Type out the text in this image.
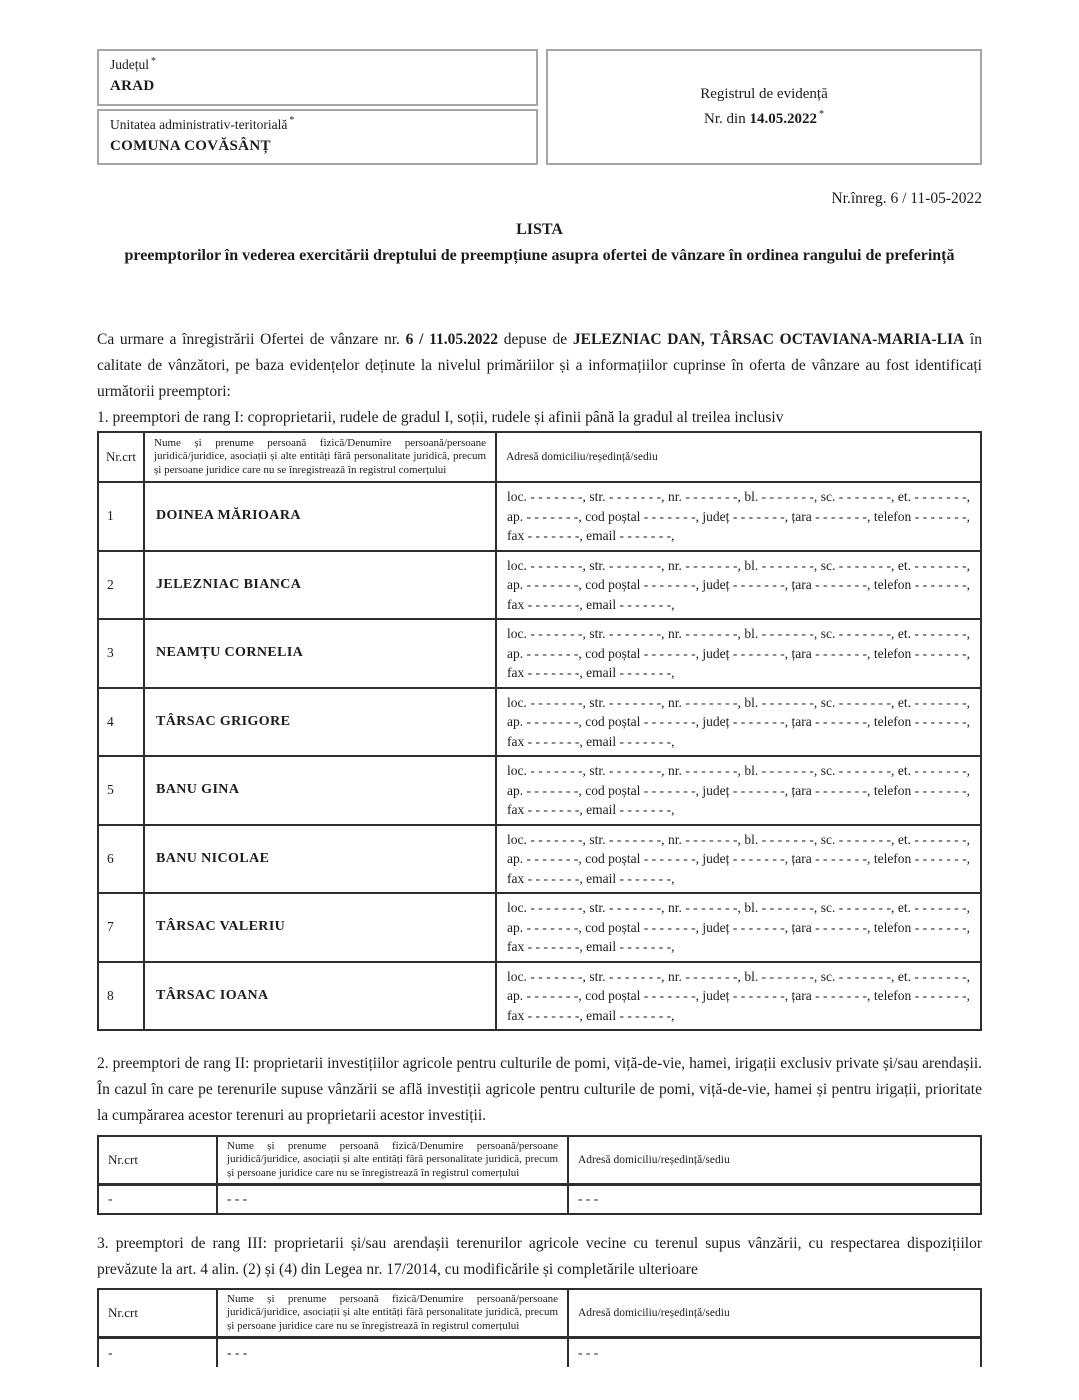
Județul *
ARAD
Unitatea administrativ-teritorială *
COMUNA COVĂSÂNȚ
Registrul de evidență
Nr. din 14.05.2022 *
Nr.înreg. 6 / 11-05-2022
LISTA
preemptorilor în vederea exercitării dreptului de preempțiune asupra ofertei de vânzare în ordinea rangului de preferință

Ca urmare a înregistrării Ofertei de vânzare nr. 6 / 11.05.2022 depuse de JELEZNIAC DAN, TÂRSAC OCTAVIANA-MARIA-LIA în calitate de vânzători, pe baza evidențelor deținute la nivelul primăriilor și a informațiilor cuprinse în oferta de vânzare au fost identificați următorii preemptori:

1. preemptori de rang I: coproprietarii, rudele de gradul I, soții, rudele și afinii până la gradul al treilea inclusiv

Nr.crt	Nume și prenume persoană fizică/Denumire persoană/persoane juridică/juridice, asociații și alte entități fără personalitate juridică, precum și persoane juridice care nu se înregistrează în registrul comerțului	Adresă domiciliu/reședință/sediu
1	DOINEA MĂRIOARA	loc. - - - - - - -, str. - - - - - - -, nr. - - - - - - -, bl. - - - - - - -, sc. - - - - - - -, et. - - - - - - -, ap. - - - - - - -, cod poștal - - - - - - -, județ - - - - - - -, țara - - - - - - -, telefon - - - - - - -, fax - - - - - - -, email - - - - - - -,
2	JELEZNIAC BIANCA	loc. - - - - - - -, str. - - - - - - -, nr. - - - - - - -, bl. - - - - - - -, sc. - - - - - - -, et. - - - - - - -, ap. - - - - - - -, cod poștal - - - - - - -, județ - - - - - - -, țara - - - - - - -, telefon - - - - - - -, fax - - - - - - -, email - - - - - - -,
3	NEAMȚU CORNELIA	loc. - - - - - - -, str. - - - - - - -, nr. - - - - - - -, bl. - - - - - - -, sc. - - - - - - -, et. - - - - - - -, ap. - - - - - - -, cod poștal - - - - - - -, județ - - - - - - -, țara - - - - - - -, telefon - - - - - - -, fax - - - - - - -, email - - - - - - -,
4	TÂRSAC GRIGORE	loc. - - - - - - -, str. - - - - - - -, nr. - - - - - - -, bl. - - - - - - -, sc. - - - - - - -, et. - - - - - - -, ap. - - - - - - -, cod poștal - - - - - - -, județ - - - - - - -, țara - - - - - - -, telefon - - - - - - -, fax - - - - - - -, email - - - - - - -,
5	BANU GINA	loc. - - - - - - -, str. - - - - - - -, nr. - - - - - - -, bl. - - - - - - -, sc. - - - - - - -, et. - - - - - - -, ap. - - - - - - -, cod poștal - - - - - - -, județ - - - - - - -, țara - - - - - - -, telefon - - - - - - -, fax - - - - - - -, email - - - - - - -,
6	BANU NICOLAE	loc. - - - - - - -, str. - - - - - - -, nr. - - - - - - -, bl. - - - - - - -, sc. - - - - - - -, et. - - - - - - -, ap. - - - - - - -, cod poștal - - - - - - -, județ - - - - - - -, țara - - - - - - -, telefon - - - - - - -, fax - - - - - - -, email - - - - - - -,
7	TÂRSAC VALERIU	loc. - - - - - - -, str. - - - - - - -, nr. - - - - - - -, bl. - - - - - - -, sc. - - - - - - -, et. - - - - - - -, ap. - - - - - - -, cod poștal - - - - - - -, județ - - - - - - -, țara - - - - - - -, telefon - - - - - - -, fax - - - - - - -, email - - - - - - -,
8	TÂRSAC IOANA	loc. - - - - - - -, str. - - - - - - -, nr. - - - - - - -, bl. - - - - - - -, sc. - - - - - - -, et. - - - - - - -, ap. - - - - - - -, cod poștal - - - - - - -, județ - - - - - - -, țara - - - - - - -, telefon - - - - - - -, fax - - - - - - -, email - - - - - - -,

2. preemptori de rang II: proprietarii investițiilor agricole pentru culturile de pomi, viță-de-vie, hamei, irigații exclusiv private și/sau arendașii. În cazul în care pe terenurile supuse vânzării se află investiții agricole pentru culturile de pomi, viță-de-vie, hamei și pentru irigații, prioritate la cumpărarea acestor terenuri au proprietarii acestor investiții.

Nr.crt	Nume și prenume persoană fizică/Denumire persoană/persoane juridică/juridice, asociații și alte entități fără personalitate juridică, precum și persoane juridice care nu se înregistrează în registrul comerțului	Adresă domiciliu/reședință/sediu
-	- - -	- - -

3. preemptori de rang III: proprietarii și/sau arendașii terenurilor agricole vecine cu terenul supus vânzării, cu respectarea dispozițiilor prevăzute la art. 4 alin. (2) și (4) din Legea nr. 17/2014, cu modificările și completările ulterioare

Nr.crt	Nume și prenume persoană fizică/Denumire persoană/persoane juridică/juridice, asociații și alte entități fără personalitate juridică, precum și persoane juridice care nu se înregistrează în registrul comerțului	Adresă domiciliu/reședință/sediu
-	- - -	- - -
